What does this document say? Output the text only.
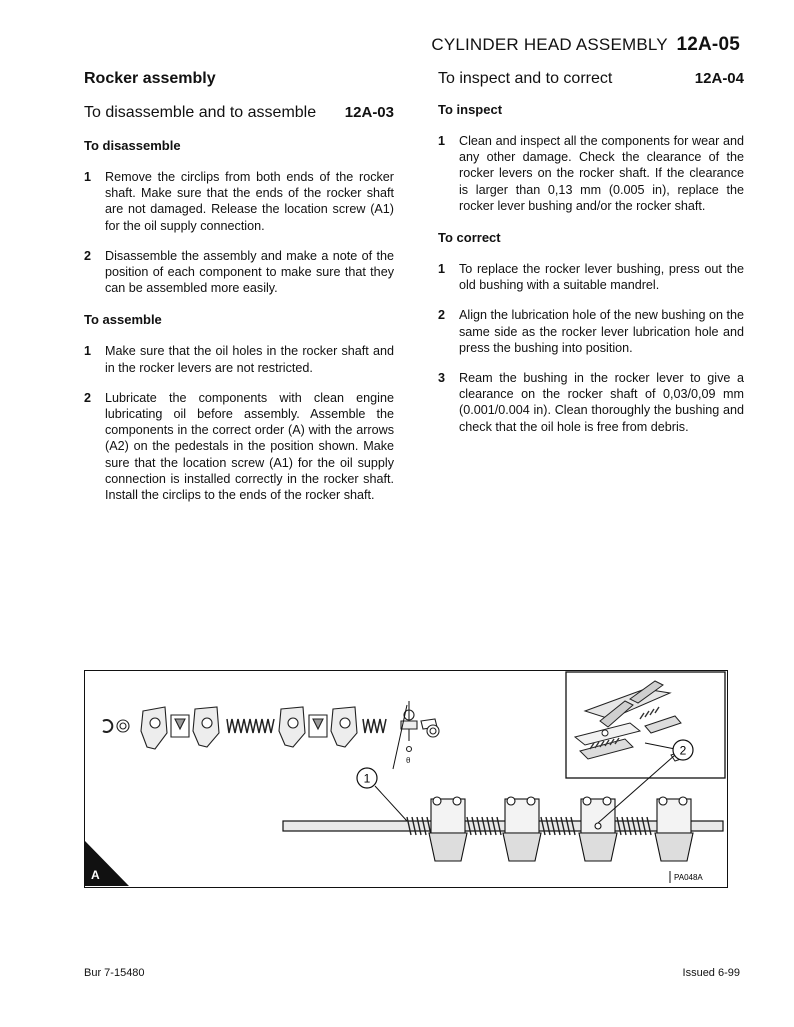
CYLINDER HEAD ASSEMBLY 12A-05
Rocker assembly
To disassemble and to assemble 12A-03
To disassemble
1	Remove the circlips from both ends of the rocker shaft. Make sure that the ends of the rocker shaft are not damaged. Release the location screw (A1) for the oil supply connection.
2	Disassemble the assembly and make a note of the position of each component to make sure that they can be assembled more easily.
To assemble
1	Make sure that the oil holes in the rocker shaft and in the rocker levers are not restricted.
2	Lubricate the components with clean engine lubricating oil before assembly. Assemble the components in the correct order (A) with the arrows (A2) on the pedestals in the position shown. Make sure that the location screw (A1) for the oil supply connection is installed correctly in the rocker shaft. Install the circlips to the ends of the rocker shaft.
To inspect and to correct	12A-04
To inspect
1	Clean and inspect all the components for wear and any other damage. Check the clearance of the rocker levers on the rocker shaft. If the clearance is larger than 0,13 mm (0.005 in), replace the rocker lever bushing and/or the rocker shaft.
To correct
1	To replace the rocker lever bushing, press out the old bushing with a suitable mandrel.
2	Align the lubrication hole of the new bushing on the same side as the rocker lever lubrication hole and press the bushing into position.
3	Ream the bushing in the rocker lever to give a clearance on the rocker shaft of 0,03/0,09 mm (0.001/0.004 in). Clean thoroughly the bushing and check that the oil hole is free from debris.
2
θ
1
A	PA048A
Bur 7-15480	Issued 6-99
